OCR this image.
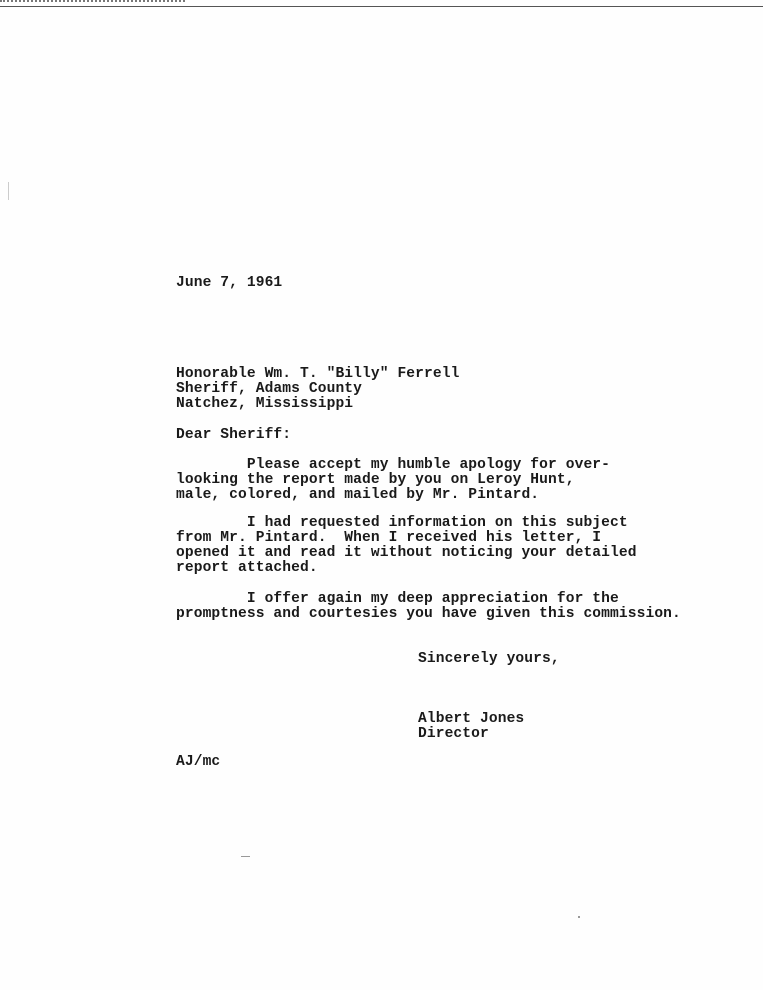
June 7, 1961
Honorable Wm. T. "Billy" Ferrell
Sheriff, Adams County
Natchez, Mississippi
Dear Sheriff:
Please accept my humble apology for over-
looking the report made by you on Leroy Hunt,
male, colored, and mailed by Mr. Pintard.
I had requested information on this subject
from Mr. Pintard.  When I received his letter, I
opened it and read it without noticing your detailed
report attached.
I offer again my deep appreciation for the
promptness and courtesies you have given this commission.
Sincerely yours,
Albert Jones
Director
AJ/mc
